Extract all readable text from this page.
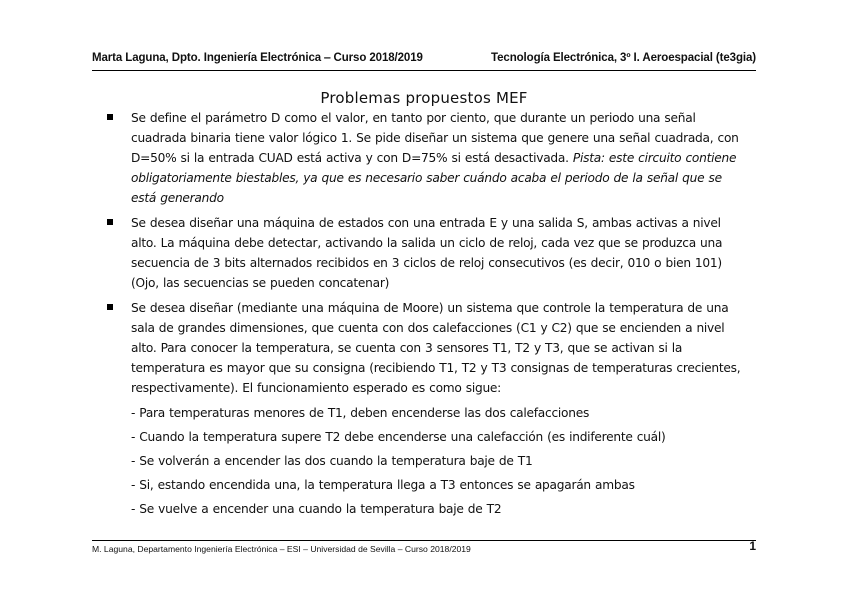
Marta Laguna, Dpto. Ingeniería Electrónica ‒ Curso 2018/2019	Tecnología Electrónica, 3º I. Aeroespacial (te3gia)
Problemas propuestos MEF
Se define el parámetro D como el valor, en tanto por ciento, que durante un periodo una señal
cuadrada binaria tiene valor lógico 1. Se pide diseñar un sistema que genere una señal cuadrada, con
D=50% si la entrada CUAD está activa y con D=75% si está desactivada. Pista: este circuito contiene
obligatoriamente biestables, ya que es necesario saber cuándo acaba el periodo de la señal que se
está generando
Se desea diseñar una máquina de estados con una entrada E y una salida S, ambas activas a nivel
alto. La máquina debe detectar, activando la salida un ciclo de reloj, cada vez que se produzca una
secuencia de 3 bits alternados recibidos en 3 ciclos de reloj consecutivos (es decir, 010 o bien 101)
(Ojo, las secuencias se pueden concatenar)
Se desea diseñar (mediante una máquina de Moore) un sistema que controle la temperatura de una
sala de grandes dimensiones, que cuenta con dos calefacciones (C1 y C2) que se encienden a nivel
alto. Para conocer la temperatura, se cuenta con 3 sensores T1, T2 y T3, que se activan si la
temperatura es mayor que su consigna (recibiendo T1, T2 y T3 consignas de temperaturas crecientes,
respectivamente). El funcionamiento esperado es como sigue:
- Para temperaturas menores de T1, deben encenderse las dos calefacciones
- Cuando la temperatura supere T2 debe encenderse una calefacción (es indiferente cuál)
- Se volverán a encender las dos cuando la temperatura baje de T1
- Si, estando encendida una, la temperatura llega a T3 entonces se apagarán ambas
- Se vuelve a encender una cuando la temperatura baje de T2
M. Laguna, Departamento Ingeniería Electrónica – ESI – Universidad de Sevilla – Curso 2018/2019	1
